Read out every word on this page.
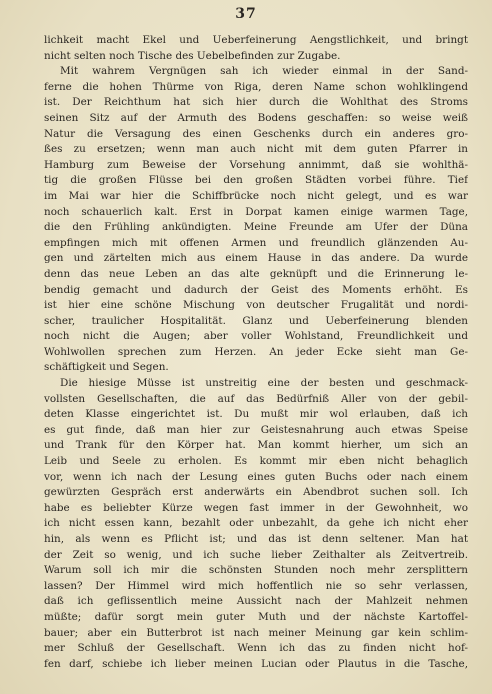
37
lichkeit macht Ekel und Ueberfeinerung Aengstlichkeit, und bringt
nicht selten noch Tische des Uebelbefinden zur Zugabe.
Mit wahrem Vergnügen sah ich wieder einmal in der Sand-
ferne die hohen Thürme von Riga, deren Name schon wohlklingend
ist. Der Reichthum hat sich hier durch die Wohlthat des Stroms
seinen Sitz auf der Armuth des Bodens geschaffen: so weise weiß
Natur die Versagung des einen Geschenks durch ein anderes gro-
ßes zu ersetzen; wenn man auch nicht mit dem guten Pfarrer in
Hamburg zum Beweise der Vorsehung annimmt, daß sie wohlthä-
tig die großen Flüsse bei den großen Städten vorbei führe. Tief
im Mai war hier die Schiffbrücke noch nicht gelegt, und es war
noch schauerlich kalt. Erst in Dorpat kamen einige warmen Tage,
die den Frühling ankündigten. Meine Freunde am Ufer der Düna
empfingen mich mit offenen Armen und freundlich glänzenden Au-
gen und zärtelten mich aus einem Hause in das andere. Da wurde
denn das neue Leben an das alte geknüpft und die Erinnerung le-
bendig gemacht und dadurch der Geist des Moments erhöht. Es
ist hier eine schöne Mischung von deutscher Frugalität und nordi-
scher, traulicher Hospitalität. Glanz und Ueberfeinerung blenden
noch nicht die Augen; aber voller Wohlstand, Freundlichkeit und
Wohlwollen sprechen zum Herzen. An jeder Ecke sieht man Ge-
schäftigkeit und Segen.
Die hiesige Müsse ist unstreitig eine der besten und geschmack-
vollsten Gesellschaften, die auf das Bedürfniß Aller von der gebil-
deten Klasse eingerichtet ist. Du mußt mir wol erlauben, daß ich
es gut finde, daß man hier zur Geistesnahrung auch etwas Speise
und Trank für den Körper hat. Man kommt hierher, um sich an
Leib und Seele zu erholen. Es kommt mir eben nicht behaglich
vor, wenn ich nach der Lesung eines guten Buchs oder nach einem
gewürzten Gespräch erst anderwärts ein Abendbrot suchen soll. Ich
habe es beliebter Kürze wegen fast immer in der Gewohnheit, wo
ich nicht essen kann, bezahlt oder unbezahlt, da gehe ich nicht eher
hin, als wenn es Pflicht ist; und das ist denn seltener. Man hat
der Zeit so wenig, und ich suche lieber Zeithalter als Zeitvertreib.
Warum soll ich mir die schönsten Stunden noch mehr zersplittern
lassen? Der Himmel wird mich hoffentlich nie so sehr verlassen,
daß ich geflissentlich meine Aussicht nach der Mahlzeit nehmen
müßte; dafür sorgt mein guter Muth und der nächste Kartoffel-
bauer; aber ein Butterbrot ist nach meiner Meinung gar kein schlim-
mer Schluß der Gesellschaft. Wenn ich das zu finden nicht hof-
fen darf, schiebe ich lieber meinen Lucian oder Plautus in die Tasche,
